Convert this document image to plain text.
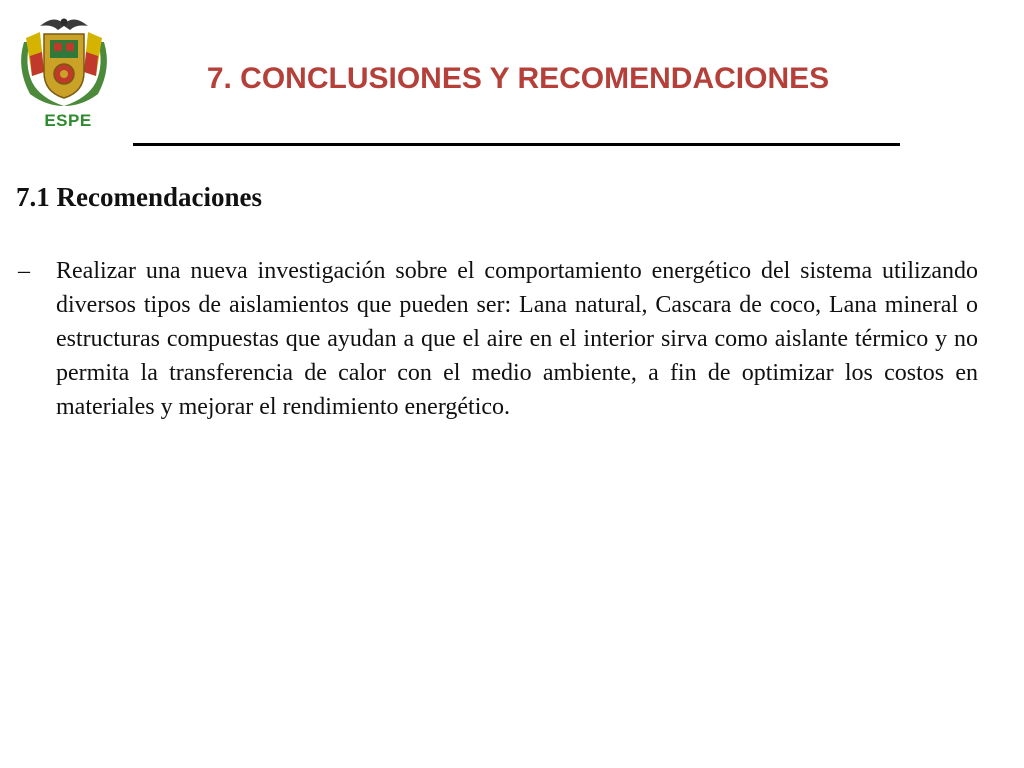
ESPE
7. CONCLUSIONES Y RECOMENDACIONES
7.1 Recomendaciones
– Realizar una nueva investigación sobre el comportamiento energético del sistema utilizando diversos tipos de aislamientos que pueden ser: Lana natural, Cascara de coco, Lana mineral o estructuras compuestas que ayudan a que el aire en el interior sirva como aislante térmico y no permita la transferencia de calor con el medio ambiente, a fin de optimizar los costos en materiales y mejorar el rendimiento energético.
